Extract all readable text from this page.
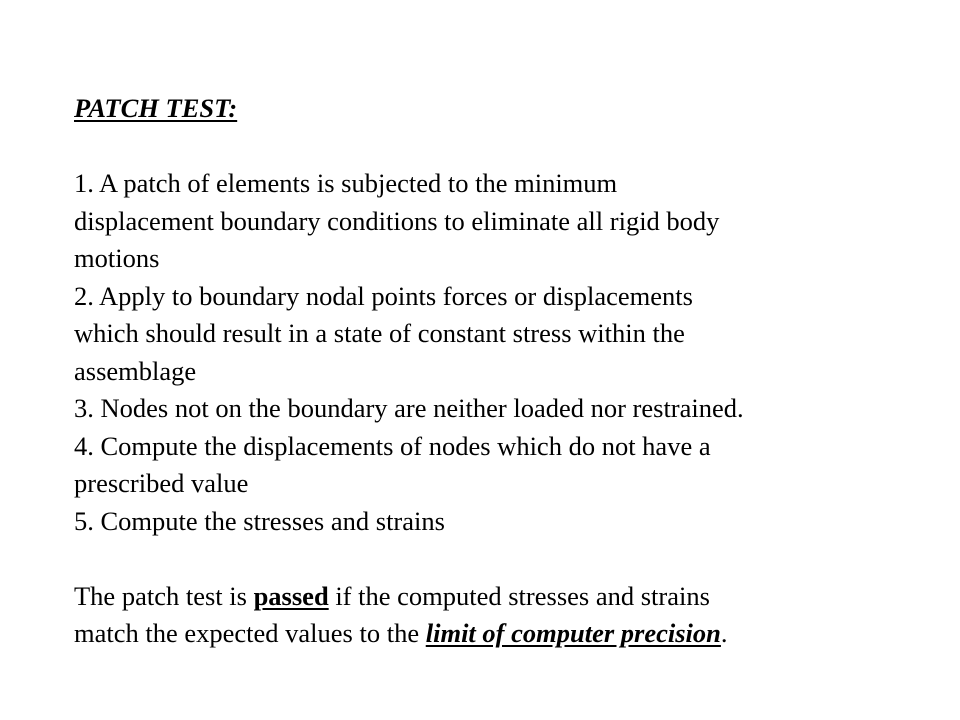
PATCH TEST:

1. A patch of elements is subjected to the minimum

displacement boundary conditions to eliminate all rigid body

motions

2. Apply to boundary nodal points forces or displacements

which should result in a state of constant stress within the

assemblage

3. Nodes not on the boundary are neither loaded nor restrained.

4. Compute the displacements of nodes which do not have a

prescribed value

5. Compute the stresses and strains

The patch test is passed if the computed stresses and strains

match the expected values to the limit of computer precision.
